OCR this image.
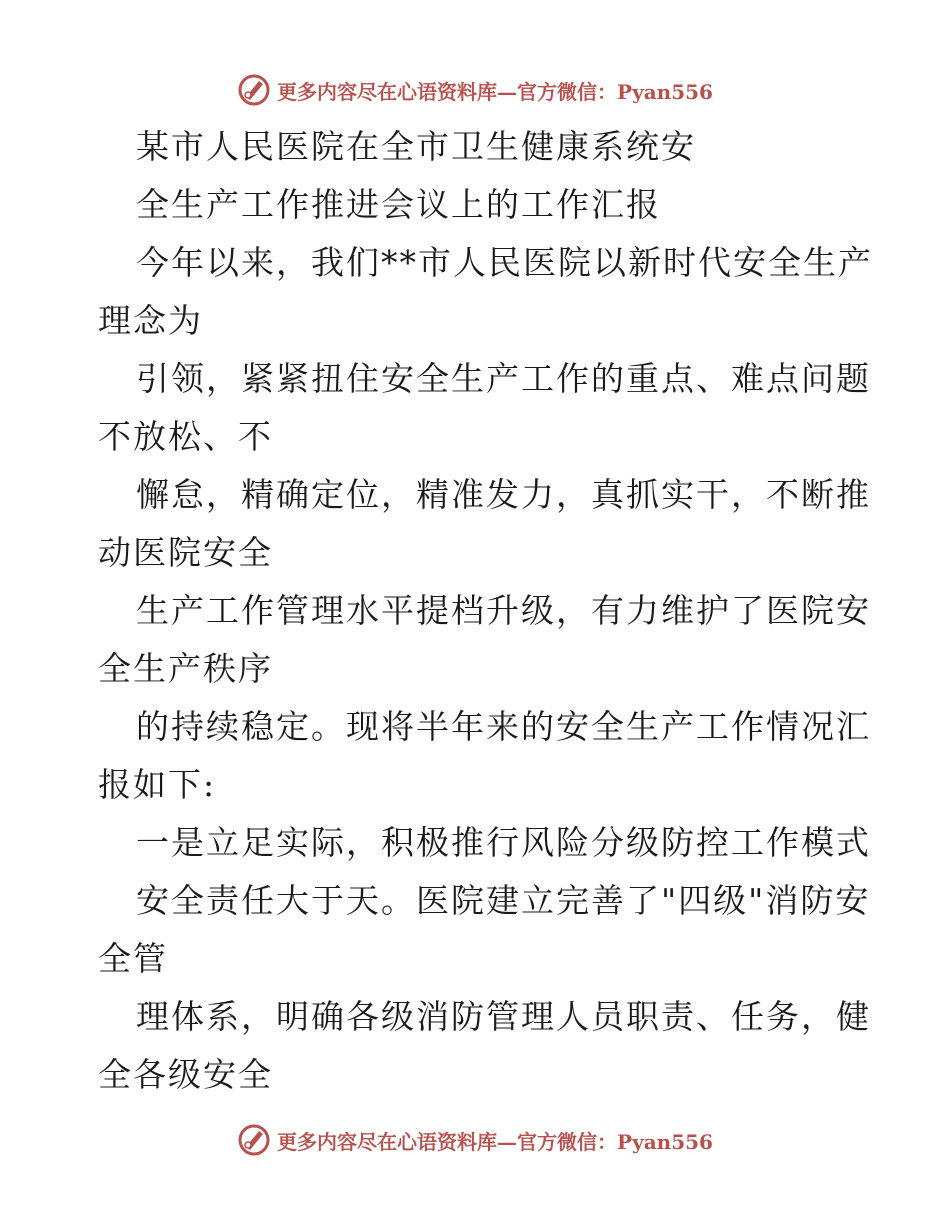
更多内容尽在心语资料库—官方微信：Pyan556
某市人民医院在全市卫生健康系统安
全生产工作推进会议上的工作汇报
今年以来，我们**市人民医院以新时代安全生产
理念为
引领，紧紧扭住安全生产工作的重点、难点问题
不放松、不
懈怠，精确定位，精准发力，真抓实干，不断推
动医院安全
生产工作管理水平提档升级，有力维护了医院安
全生产秩序
的持续稳定。现将半年来的安全生产工作情况汇
报如下:
一是立足实际，积极推行风险分级防控工作模式
安全责任大于天。医院建立完善了"四级"消防安
全管
理体系，明确各级消防管理人员职责、任务，健
全各级安全
更多内容尽在心语资料库—官方微信：Pyan556
